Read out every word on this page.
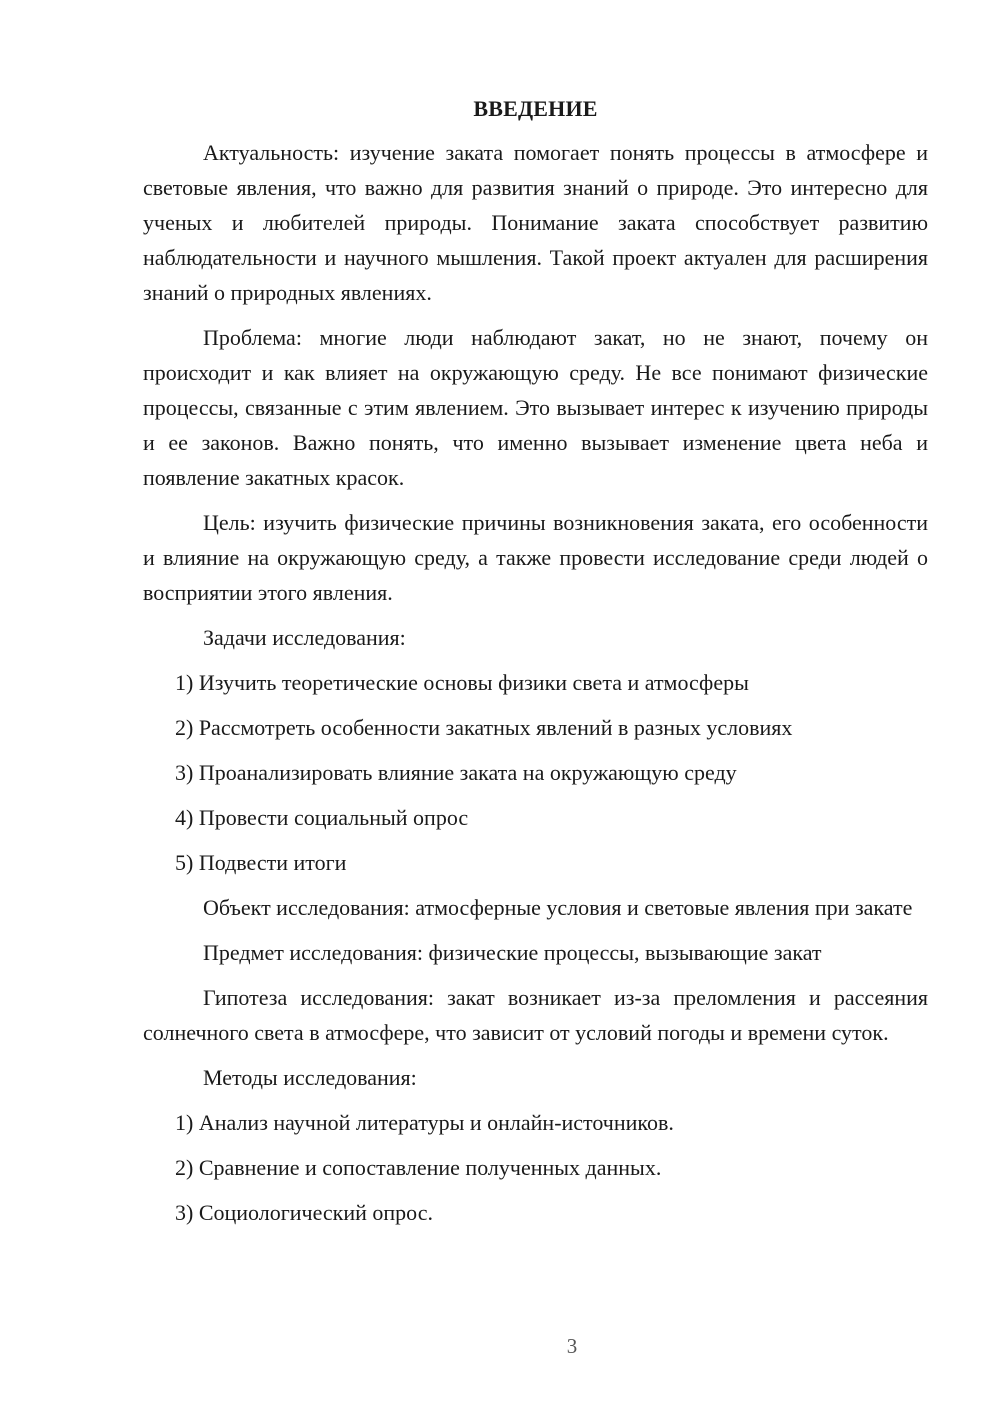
ВВЕДЕНИЕ

Актуальность: изучение заката помогает понять процессы в атмосфере и световые явления, что важно для развития знаний о природе. Это интересно для ученых и любителей природы. Понимание заката способствует развитию наблюдательности и научного мышления. Такой проект актуален для расширения знаний о природных явлениях.

Проблема: многие люди наблюдают закат, но не знают, почему он происходит и как влияет на окружающую среду. Не все понимают физические процессы, связанные с этим явлением. Это вызывает интерес к изучению природы и ее законов. Важно понять, что именно вызывает изменение цвета неба и появление закатных красок.

Цель: изучить физические причины возникновения заката, его особенности и влияние на окружающую среду, а также провести исследование среди людей о восприятии этого явления.

Задачи исследования:

1) Изучить теоретические основы физики света и атмосферы
2) Рассмотреть особенности закатных явлений в разных условиях
3) Проанализировать влияние заката на окружающую среду
4) Провести социальный опрос
5) Подвести итоги

Объект исследования: атмосферные условия и световые явления при закате

Предмет исследования: физические процессы, вызывающие закат

Гипотеза исследования: закат возникает из-за преломления и рассеяния солнечного света в атмосфере, что зависит от условий погоды и времени суток.

Методы исследования:

1) Анализ научной литературы и онлайн-источников.
2) Сравнение и сопоставление полученных данных.
3) Социологический опрос.
3
